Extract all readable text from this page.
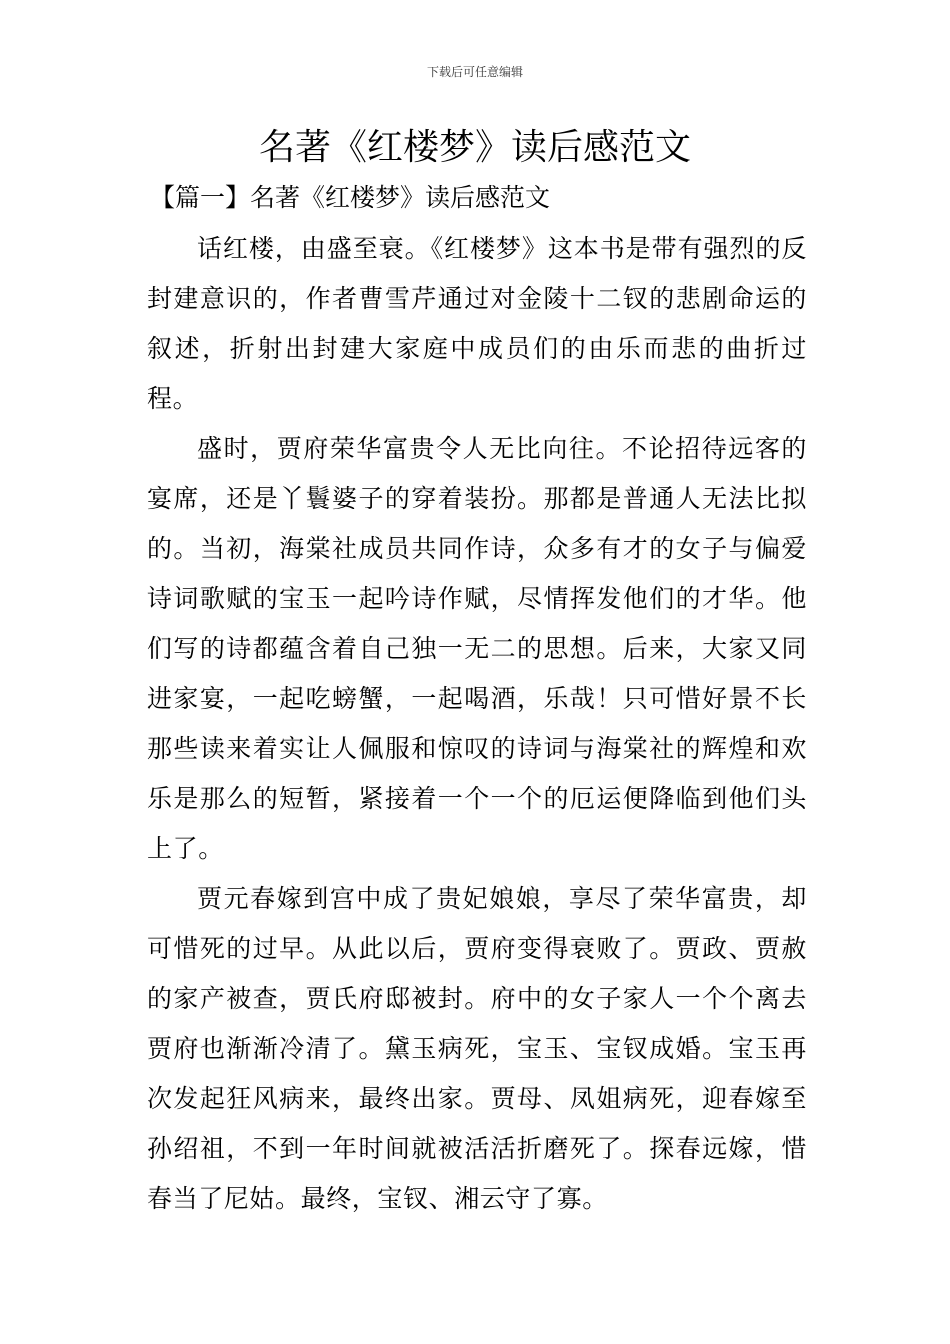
下载后可任意编辑
名著《红楼梦》读后感范文
【篇一】名著《红楼梦》读后感范文

话红楼，由盛至衰。《红楼梦》这本书是带有强烈的反封建意识的，作者曹雪芹通过对金陵十二钗的悲剧命运的叙述，折射出封建大家庭中成员们的由乐而悲的曲折过程。

盛时，贾府荣华富贵令人无比向往。不论招待远客的宴席，还是丫鬟婆子的穿着装扮。那都是普通人无法比拟的。当初，海棠社成员共同作诗，众多有才的女子与偏爱诗词歌赋的宝玉一起吟诗作赋，尽情挥发他们的才华。他们写的诗都蕴含着自己独一无二的思想。后来，大家又同进家宴，一起吃螃蟹，一起喝酒，乐哉！只可惜好景不长那些读来着实让人佩服和惊叹的诗词与海棠社的辉煌和欢乐是那么的短暂，紧接着一个一个的厄运便降临到他们头上了。

贾元春嫁到宫中成了贵妃娘娘，享尽了荣华富贵，却可惜死的过早。从此以后，贾府变得衰败了。贾政、贾赦的家产被查，贾氏府邸被封。府中的女子家人一个个离去贾府也渐渐冷清了。黛玉病死，宝玉、宝钗成婚。宝玉再次发起狂风病来，最终出家。贾母、凤姐病死，迎春嫁至孙绍祖，不到一年时间就被活活折磨死了。探春远嫁，惜春当了尼姑。最终，宝钗、湘云守了寡。
